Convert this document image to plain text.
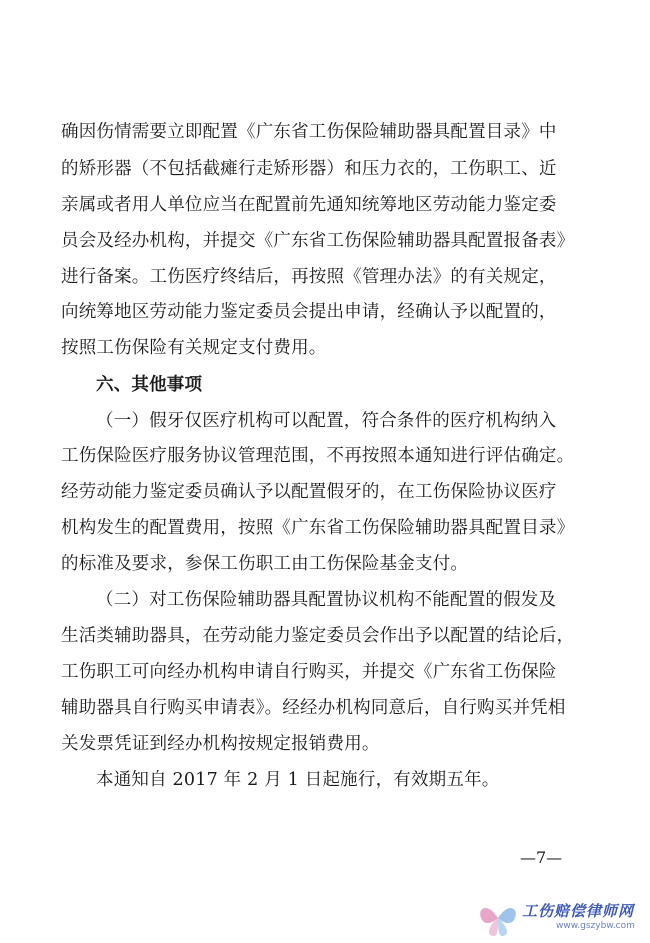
确因伤情需要立即配置《广东省工伤保险辅助器具配置目录》中
的矫形器（不包括截瘫行走矫形器）和压力衣的，工伤职工、近
亲属或者用人单位应当在配置前先通知统筹地区劳动能力鉴定委
员会及经办机构，并提交《广东省工伤保险辅助器具配置报备表》
进行备案。工伤医疗终结后，再按照《管理办法》的有关规定，
向统筹地区劳动能力鉴定委员会提出申请，经确认予以配置的，
按照工伤保险有关规定支付费用。
六、其他事项
（一）假牙仅医疗机构可以配置，符合条件的医疗机构纳入
工伤保险医疗服务协议管理范围，不再按照本通知进行评估确定。
经劳动能力鉴定委员确认予以配置假牙的，在工伤保险协议医疗
机构发生的配置费用，按照《广东省工伤保险辅助器具配置目录》
的标准及要求，参保工伤职工由工伤保险基金支付。
（二）对工伤保险辅助器具配置协议机构不能配置的假发及
生活类辅助器具，在劳动能力鉴定委员会作出予以配置的结论后，
工伤职工可向经办机构申请自行购买，并提交《广东省工伤保险
辅助器具自行购买申请表》。经经办机构同意后，自行购买并凭相
关发票凭证到经办机构按规定报销费用。
本通知自 2017 年 2 月 1 日起施行，有效期五年。
—7—
工伤赔偿律师网
www.gszybw.com
